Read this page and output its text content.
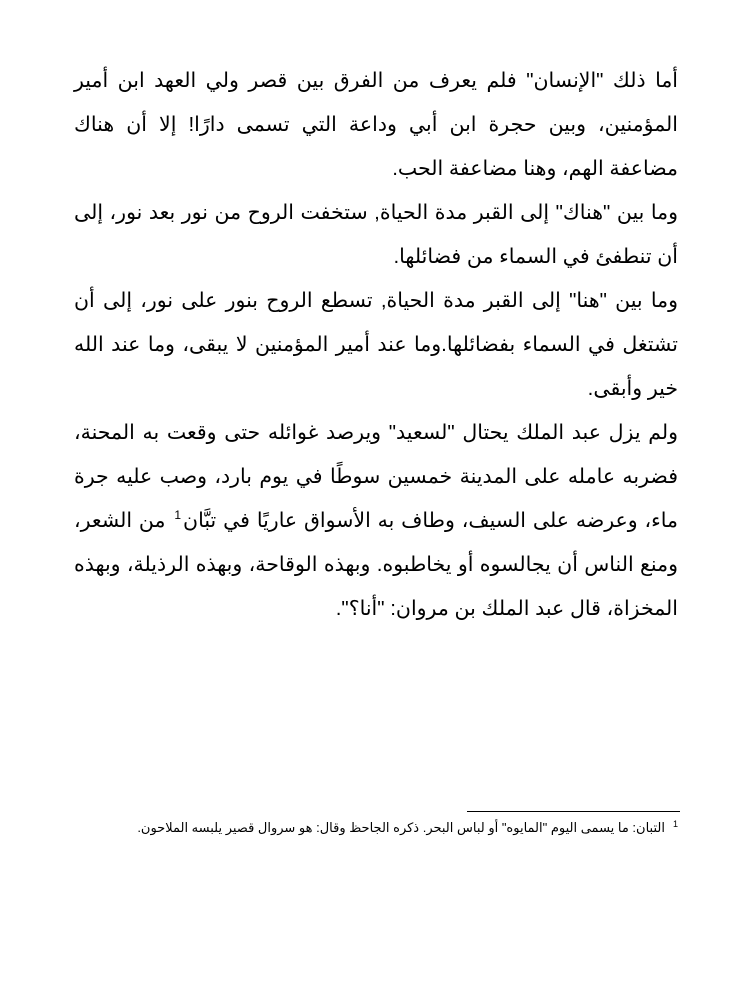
أما ذلك "الإنسان" فلم يعرف من الفرق بين قصر ولي العهد ابن أمير
المؤمنين، وبين حجرة ابن أبي وداعة التي تسمى دارًا! إلا أن هناك
مضاعفة الهم، وهنا مضاعفة الحب.
وما بين "هناك" إلى القبر مدة الحياة, ستخفت الروح من نور بعد نور، إلى
أن تنطفئ في السماء من فضائلها.
وما بين "هنا" إلى القبر مدة الحياة, تسطع الروح بنور على نور، إلى أن
تشتغل في السماء بفضائلها.وما عند أمير المؤمنين لا يبقى، وما عند الله
خير وأبقى.
ولم يزل عبد الملك يحتال "لسعيد" ويرصد غوائله حتى وقعت به المحنة،
فضربه عامله على المدينة خمسين سوطًا في يوم بارد، وصب عليه جرة
ماء، وعرضه على السيف، وطاف به الأسواق عاريًا في تبَّان$^1$ من الشعر،
ومنع الناس أن يجالسوه أو يخاطبوه. وبهذه الوقاحة، وبهذه الرذيلة، وبهذه
المخزاة، قال عبد الملك بن مروان: "أنا؟".
$^1$التبان: ما يسمى اليوم "المايوه" أو لباس البحر. ذكره الجاحظ وقال: هو سروال قصير يلبسه الملاحون.
